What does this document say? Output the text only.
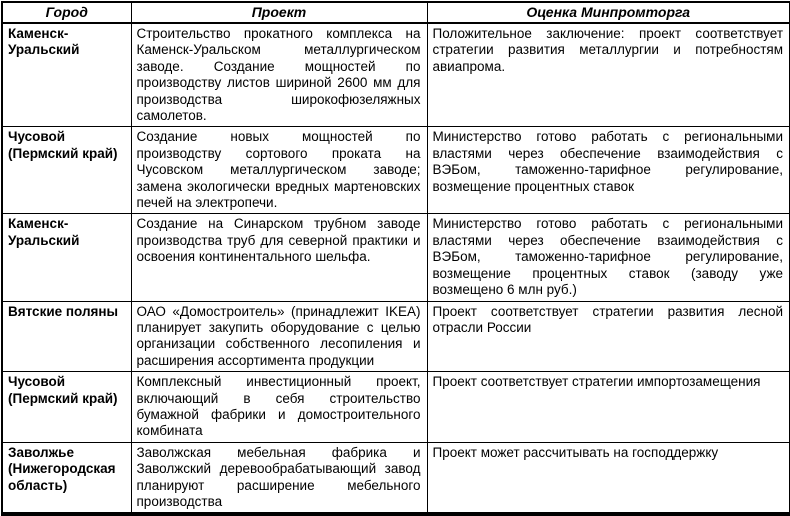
Город	Проект	Оценка Минпромторга
Каменск-Уральский	Строительство прокатного комплекса на Каменск-Уральском металлургическом заводе. Создание мощностей по производству листов шириной 2600 мм для производства широкофюзеляжных самолетов.	Положительное заключение: проект соответствует стратегии развития металлургии и потребностям авиапрома.
Чусовой (Пермский край)	Создание новых мощностей по производству сортового проката на Чусовском металлургическом заводе; замена экологически вредных мартеновских печей на электропечи.	Министерство готово работать с региональными властями через обеспечение взаимодействия с ВЭБом, таможенно-тарифное регулирование, возмещение процентных ставок
Каменск-Уральский	Создание на Синарском трубном заводе производства труб для северной практики и освоения континентального шельфа.	Министерство готово работать с региональными властями через обеспечение взаимодействия с ВЭБом, таможенно-тарифное регулирование, возмещение процентных ставок (заводу уже возмещено 6 млн руб.)
Вятские поляны	ОАО «Домостроитель» (принадлежит IKEA) планирует закупить оборудование с целью организации собственного лесопиления и расширения ассортимента продукции	Проект соответствует стратегии развития лесной отрасли России
Чусовой (Пермский край)	Комплексный инвестиционный проект, включающий в себя строительство бумажной фабрики и домостроительного комбината	Проект соответствует стратегии импортозамещения
Заволжье (Нижегородская область)	Заволжская мебельная фабрика и Заволжский деревообрабатывающий завод планируют расширение мебельного производства	Проект может рассчитывать на господдержку
